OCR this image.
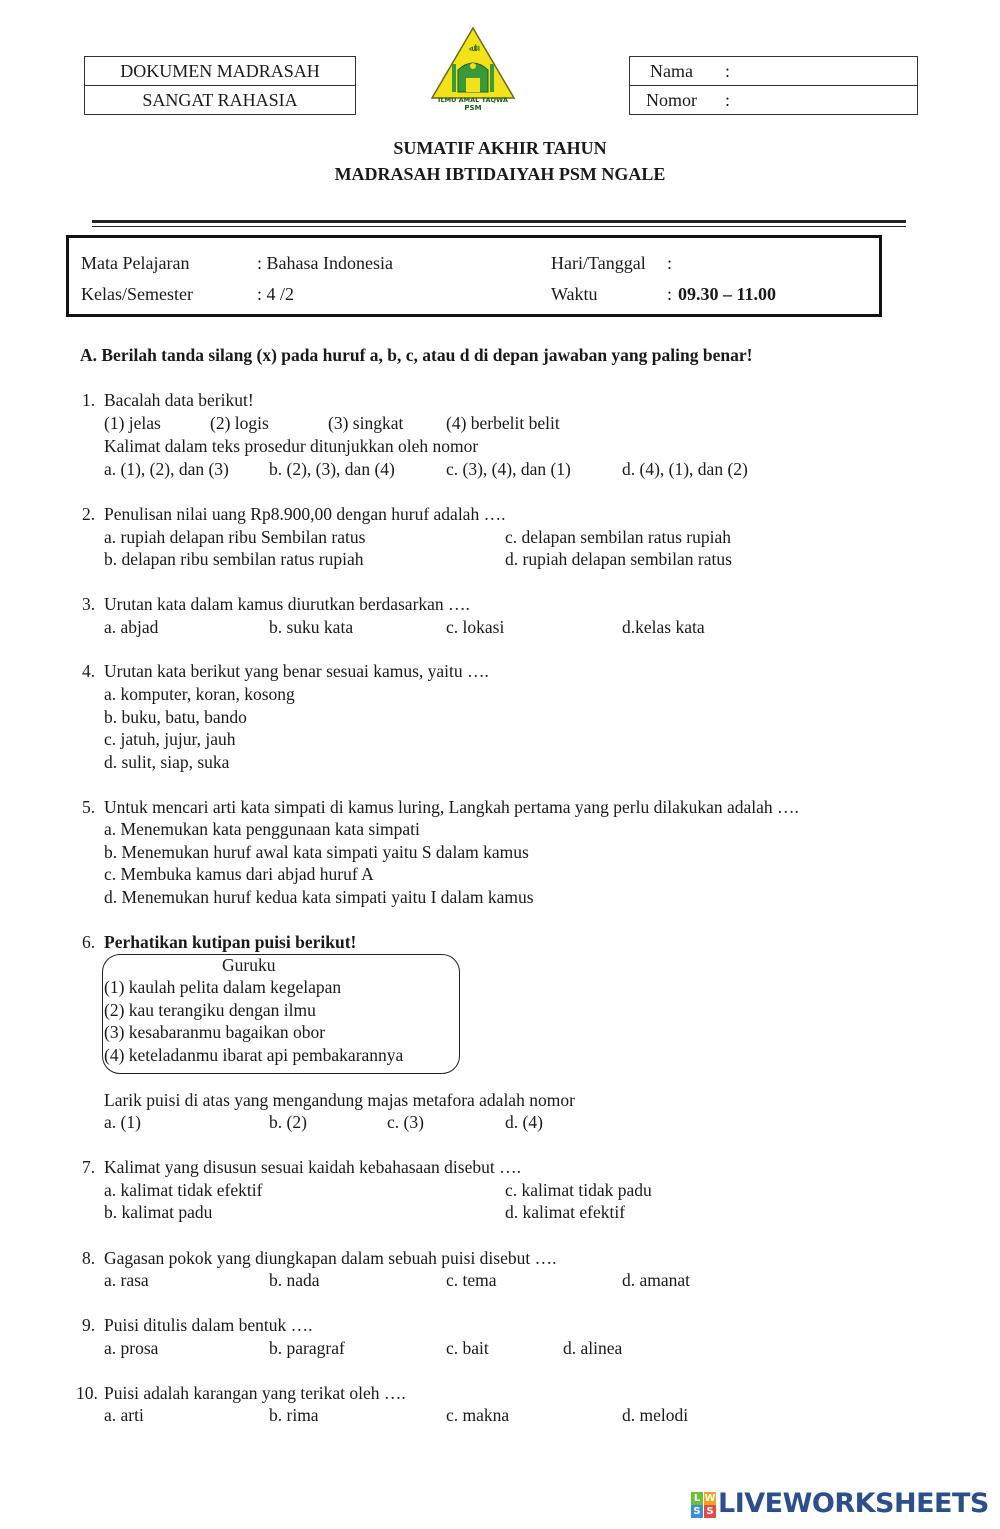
DOKUMEN MADRASAH
SANGAT RAHASIA
Nama :
Nomor :
اﷲ
ILMU AMAL TAQWA
PSM
SUMATIF AKHIR TAHUN
MADRASAH IBTIDAIYAH PSM NGALE
Mata Pelajaran	: Bahasa Indonesia	Hari/Tanggal :
Kelas/Semester	: 4 /2	Waktu	: 09.30 – 11.00
A. Berilah tanda silang (x) pada huruf a, b, c, atau d di depan jawaban yang paling benar!
1. Bacalah data berikut!
(1) jelas	(2) logis	(3) singkat (4) berbelit belit
Kalimat dalam teks prosedur ditunjukkan oleh nomor
a. (1), (2), dan (3) b. (2), (3), dan (4)	c. (3), (4), dan (1)	d. (4), (1), dan (2)
2. Penulisan nilai uang Rp8.900,00 dengan huruf adalah ….
a. rupiah delapan ribu Sembilan ratus	c. delapan sembilan ratus rupiah
b. delapan ribu sembilan ratus rupiah	d. rupiah delapan sembilan ratus
3. Urutan kata dalam kamus diurutkan berdasarkan ….
a. abjad	b. suku kata	c. lokasi	d.kelas kata
4. Urutan kata berikut yang benar sesuai kamus, yaitu ….
a. komputer, koran, kosong
b. buku, batu, bando
c. jatuh, jujur, jauh
d. sulit, siap, suka
5. Untuk mencari arti kata simpati di kamus luring, Langkah pertama yang perlu dilakukan adalah ….
a. Menemukan kata penggunaan kata simpati
b. Menemukan huruf awal kata simpati yaitu S dalam kamus
c. Membuka kamus dari abjad huruf A
d. Menemukan huruf kedua kata simpati yaitu I dalam kamus
6. Perhatikan kutipan puisi berikut!
Guruku
(1) kaulah pelita dalam kegelapan
(2) kau terangiku dengan ilmu
(3) kesabaranmu bagaikan obor
(4) keteladanmu ibarat api pembakarannya
Larik puisi di atas yang mengandung majas metafora adalah nomor
a. (1)	b. (2)	c. (3)	d. (4)
7. Kalimat yang disusun sesuai kaidah kebahasaan disebut ….
a. kalimat tidak efektif	c. kalimat tidak padu
b. kalimat padu	d. kalimat efektif
8. Gagasan pokok yang diungkapan dalam sebuah puisi disebut ….
a. rasa	b. nada	c. tema	d. amanat
9. Puisi ditulis dalam bentuk ….
a. prosa	b. paragraf	c. bait	d. alinea
10. Puisi adalah karangan yang terikat oleh ….
a. arti	b. rima	c. makna	d. melodi
L W
S S LIVEWORKSHEETS
